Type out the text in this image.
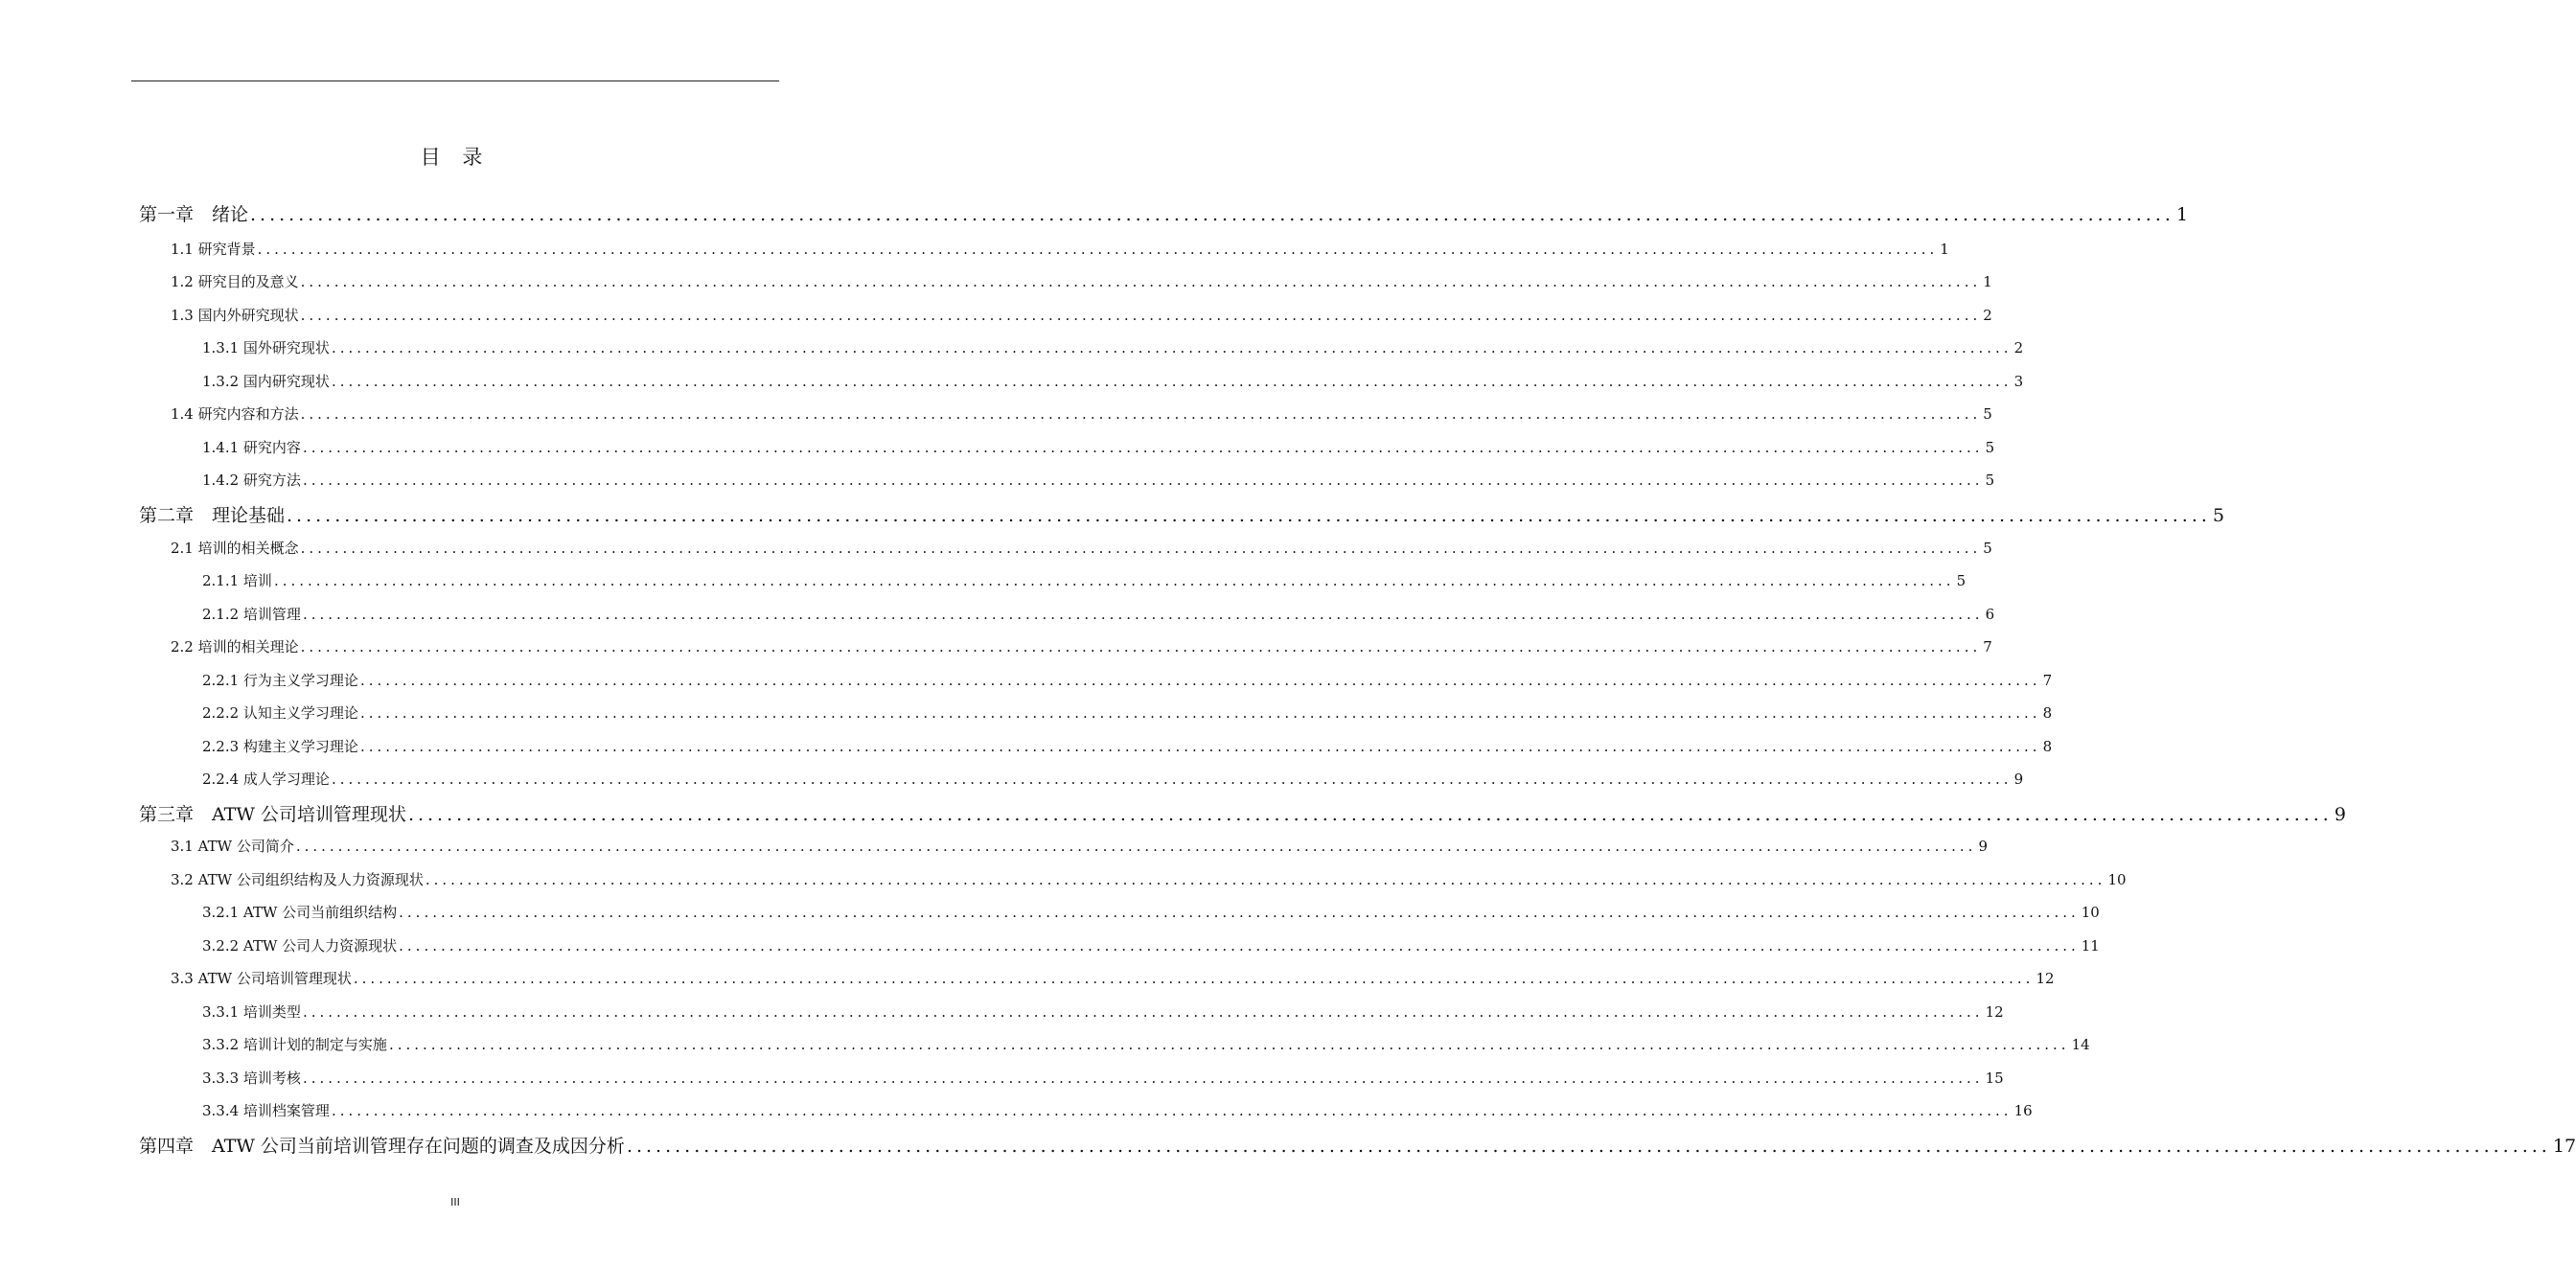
目 录
第一章　绪论 ........................................................................................................................................................................................................ 1
1.1 研究背景 ........................................................................................................................................................................................................ 1
1.2 研究目的及意义 ........................................................................................................................................................................................................ 1
1.3 国内外研究现状 ........................................................................................................................................................................................................ 2
1.3.1 国外研究现状 ........................................................................................................................................................................................................ 2
1.3.2 国内研究现状 ........................................................................................................................................................................................................ 3
1.4 研究内容和方法 ........................................................................................................................................................................................................ 5
1.4.1 研究内容 ........................................................................................................................................................................................................ 5
1.4.2 研究方法 ........................................................................................................................................................................................................ 5
第二章　理论基础 ........................................................................................................................................................................................................ 5
2.1 培训的相关概念 ........................................................................................................................................................................................................ 5
2.1.1 培训 ........................................................................................................................................................................................................ 5
2.1.2 培训管理 ........................................................................................................................................................................................................ 6
2.2 培训的相关理论 ........................................................................................................................................................................................................ 7
2.2.1 行为主义学习理论 ........................................................................................................................................................................................................ 7
2.2.2 认知主义学习理论 ........................................................................................................................................................................................................ 8
2.2.3 构建主义学习理论 ........................................................................................................................................................................................................ 8
2.2.4 成人学习理论 ........................................................................................................................................................................................................ 9
第三章　ATW 公司培训管理现状 ........................................................................................................................................................................................................ 9
3.1 ATW 公司简介 ........................................................................................................................................................................................................ 9
3.2 ATW 公司组织结构及人力资源现状 ........................................................................................................................................................................................................ 10
3.2.1 ATW 公司当前组织结构 ........................................................................................................................................................................................................ 10
3.2.2 ATW 公司人力资源现状 ........................................................................................................................................................................................................ 11
3.3 ATW 公司培训管理现状 ........................................................................................................................................................................................................ 12
3.3.1 培训类型 ........................................................................................................................................................................................................ 12
3.3.2 培训计划的制定与实施 ........................................................................................................................................................................................................ 14
3.3.3 培训考核 ........................................................................................................................................................................................................ 15
3.3.4 培训档案管理 ........................................................................................................................................................................................................ 16
第四章　ATW 公司当前培训管理存在问题的调查及成因分析 ........................................................................................................................................................................................................ 17
III
